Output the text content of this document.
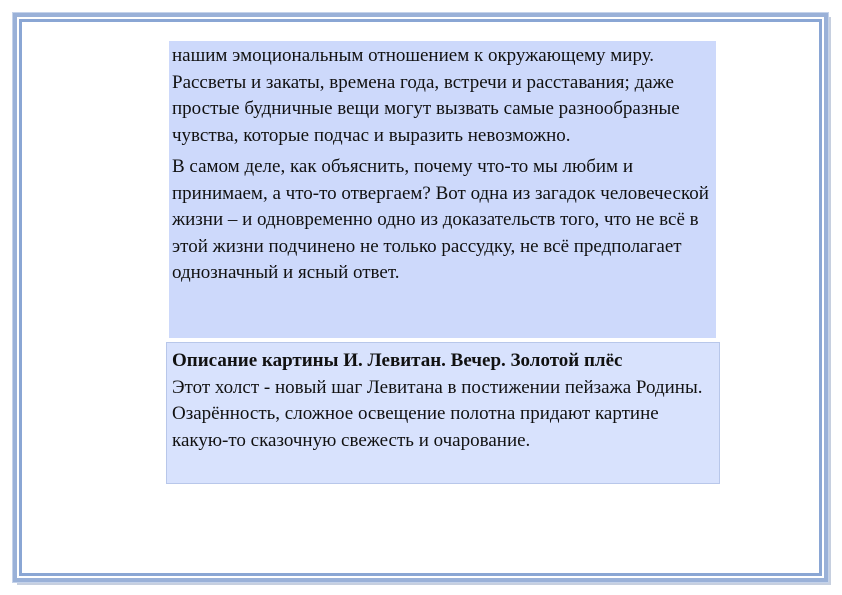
нашим эмоциональным отношением к окружающему миру. Рассветы и закаты, времена года, встречи и расставания; даже простые будничные вещи могут вызвать самые разнообразные чувства, которые подчас и выразить невозможно.

В самом деле, как объяснить, почему что-то мы любим и принимаем, а что-то отвергаем? Вот одна из загадок человеческой жизни – и одновременно одно из доказательств того, что не всё в этой жизни подчинено не только рассудку, не всё предполагает однозначный и ясный ответ.

Описание картины И. Левитан. Вечер. Золотой плёс

Этот холст - новый шаг Левитана в постижении пейзажа Родины. Озарённость, сложное освещение полотна придают картине какую-то сказочную свежесть и очарование.
